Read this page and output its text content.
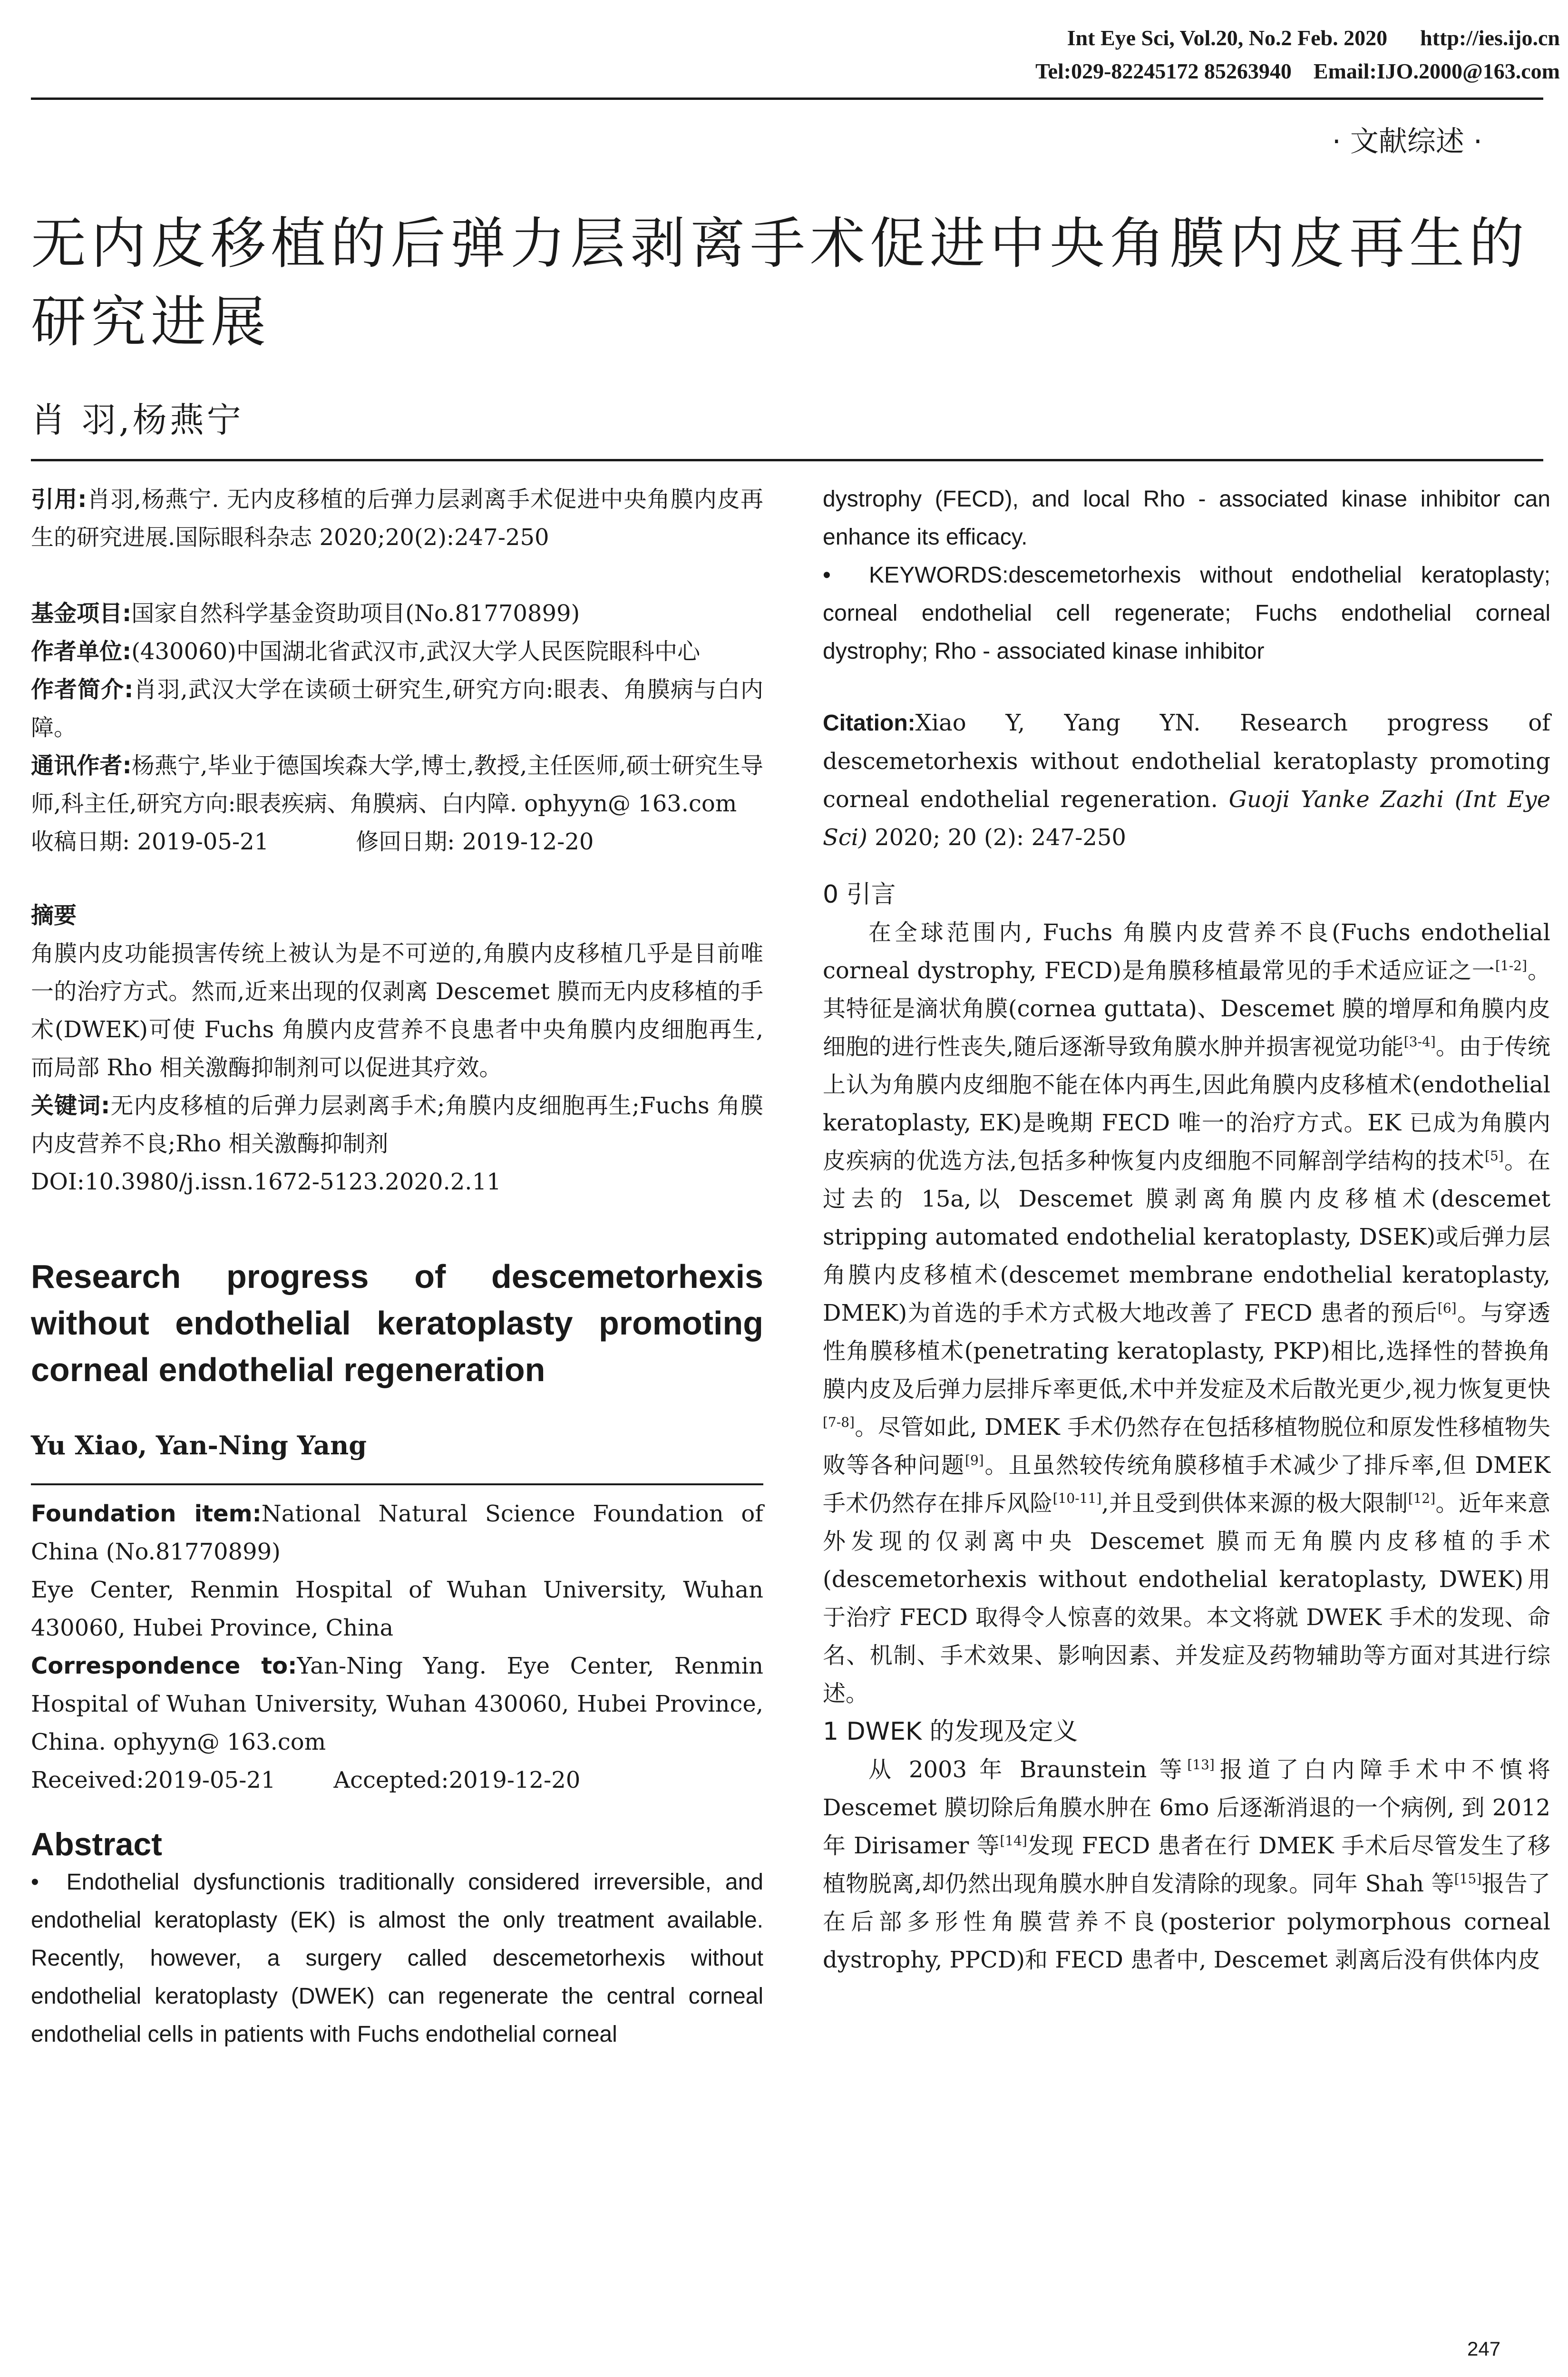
Int Eye Sci, Vol.20, No.2 Feb. 2020 http://ies.ijo.cn
Tel:029-82245172 85263940 Email:IJO.2000@163.com
· 文献综述 ·
无内皮移植的后弹力层剥离手术促进中央角膜内皮再生的研究进展
肖 羽,杨燕宁

引用:肖羽,杨燕宁. 无内皮移植的后弹力层剥离手术促进中央角膜内皮再生的研究进展.国际眼科杂志 2020;20(2):247-250

基金项目:国家自然科学基金资助项目(No.81770899)

作者单位:(430060)中国湖北省武汉市,武汉大学人民医院眼科中心

作者简介:肖羽,武汉大学在读硕士研究生,研究方向:眼表、角膜病与白内障。

通讯作者:杨燕宁,毕业于德国埃森大学,博士,教授,主任医师,硕士研究生导师,科主任,研究方向:眼表疾病、角膜病、白内障. ophyyn@ 163.com

收稿日期: 2019-05-21	修回日期: 2019-12-20

摘要

角膜内皮功能损害传统上被认为是不可逆的,角膜内皮移植几乎是目前唯一的治疗方式。然而,近来出现的仅剥离 Descemet 膜而无内皮移植的手术(DWEK)可使 Fuchs 角膜内皮营养不良患者中央角膜内皮细胞再生,而局部 Rho 相关激酶抑制剂可以促进其疗效。

关键词:无内皮移植的后弹力层剥离手术;角膜内皮细胞再生;Fuchs 角膜内皮营养不良;Rho 相关激酶抑制剂

DOI:10.3980/j.issn.1672-5123.2020.2.11

Research progress of descemetorhexis without endothelial keratoplasty promoting corneal endothelial regeneration

Yu Xiao, Yan-Ning Yang

Foundation item:National Natural Science Foundation of China (No.81770899)

Eye Center, Renmin Hospital of Wuhan University, Wuhan 430060, Hubei Province, China

Correspondence to:Yan-Ning Yang. Eye Center, Renmin Hospital of Wuhan University, Wuhan 430060, Hubei Province, China. ophyyn@ 163.com

Received:2019-05-21	Accepted:2019-12-20

Abstract

•  Endothelial dysfunctionis traditionally considered irreversible, and endothelial keratoplasty (EK) is almost the only treatment available. Recently, however, a surgery called descemetorhexis without endothelial keratoplasty (DWEK) can regenerate the central corneal endothelial cells in patients with Fuchs endothelial corneal

dystrophy (FECD), and local Rho - associated kinase inhibitor can enhance its efficacy.

•  KEYWORDS:descemetorhexis without endothelial keratoplasty; corneal endothelial cell regenerate; Fuchs endothelial corneal dystrophy; Rho - associated kinase inhibitor

Citation:Xiao Y, Yang YN. Research progress of descemetorhexis without endothelial keratoplasty promoting corneal endothelial regeneration. Guoji Yanke Zazhi (Int Eye Sci) 2020; 20 (2): 247-250

0 引言

在全球范围内, Fuchs 角膜内皮营养不良(Fuchs endothelial corneal dystrophy, FECD)是角膜移植最常见的手术适应证之一[1-2]。其特征是滴状角膜(cornea guttata)、Descemet 膜的增厚和角膜内皮细胞的进行性丧失,随后逐渐导致角膜水肿并损害视觉功能[3-4]。由于传统上认为角膜内皮细胞不能在体内再生,因此角膜内皮移植术(endothelial keratoplasty, EK)是晚期 FECD 唯一的治疗方式。EK 已成为角膜内皮疾病的优选方法,包括多种恢复内皮细胞不同解剖学结构的技术[5]。在过去的 15a,以 Descemet 膜剥离角膜内皮移植术(descemet stripping automated endothelial keratoplasty, DSEK)或后弹力层角膜内皮移植术(descemet membrane endothelial keratoplasty, DMEK)为首选的手术方式极大地改善了 FECD 患者的预后[6]。与穿透性角膜移植术(penetrating keratoplasty, PKP)相比,选择性的替换角膜内皮及后弹力层排斥率更低,术中并发症及术后散光更少,视力恢复更快[7-8]。尽管如此, DMEK 手术仍然存在包括移植物脱位和原发性移植物失败等各种问题[9]。且虽然较传统角膜移植手术减少了排斥率,但 DMEK 手术仍然存在排斥风险[10-11],并且受到供体来源的极大限制[12]。近年来意外发现的仅剥离中央 Descemet 膜而无角膜内皮移植的手术(descemetorhexis without endothelial keratoplasty, DWEK)用于治疗 FECD 取得令人惊喜的效果。本文将就 DWEK 手术的发现、命名、机制、手术效果、影响因素、并发症及药物辅助等方面对其进行综述。

1 DWEK 的发现及定义

从 2003 年 Braunstein 等[13]报道了白内障手术中不慎将 Descemet 膜切除后角膜水肿在 6mo 后逐渐消退的一个病例, 到 2012 年 Dirisamer 等[14]发现 FECD 患者在行 DMEK 手术后尽管发生了移植物脱离,却仍然出现角膜水肿自发清除的现象。同年 Shah 等[15]报告了在后部多形性角膜营养不良(posterior polymorphous corneal dystrophy, PPCD)和 FECD 患者中, Descemet 剥离后没有供体内皮

247
